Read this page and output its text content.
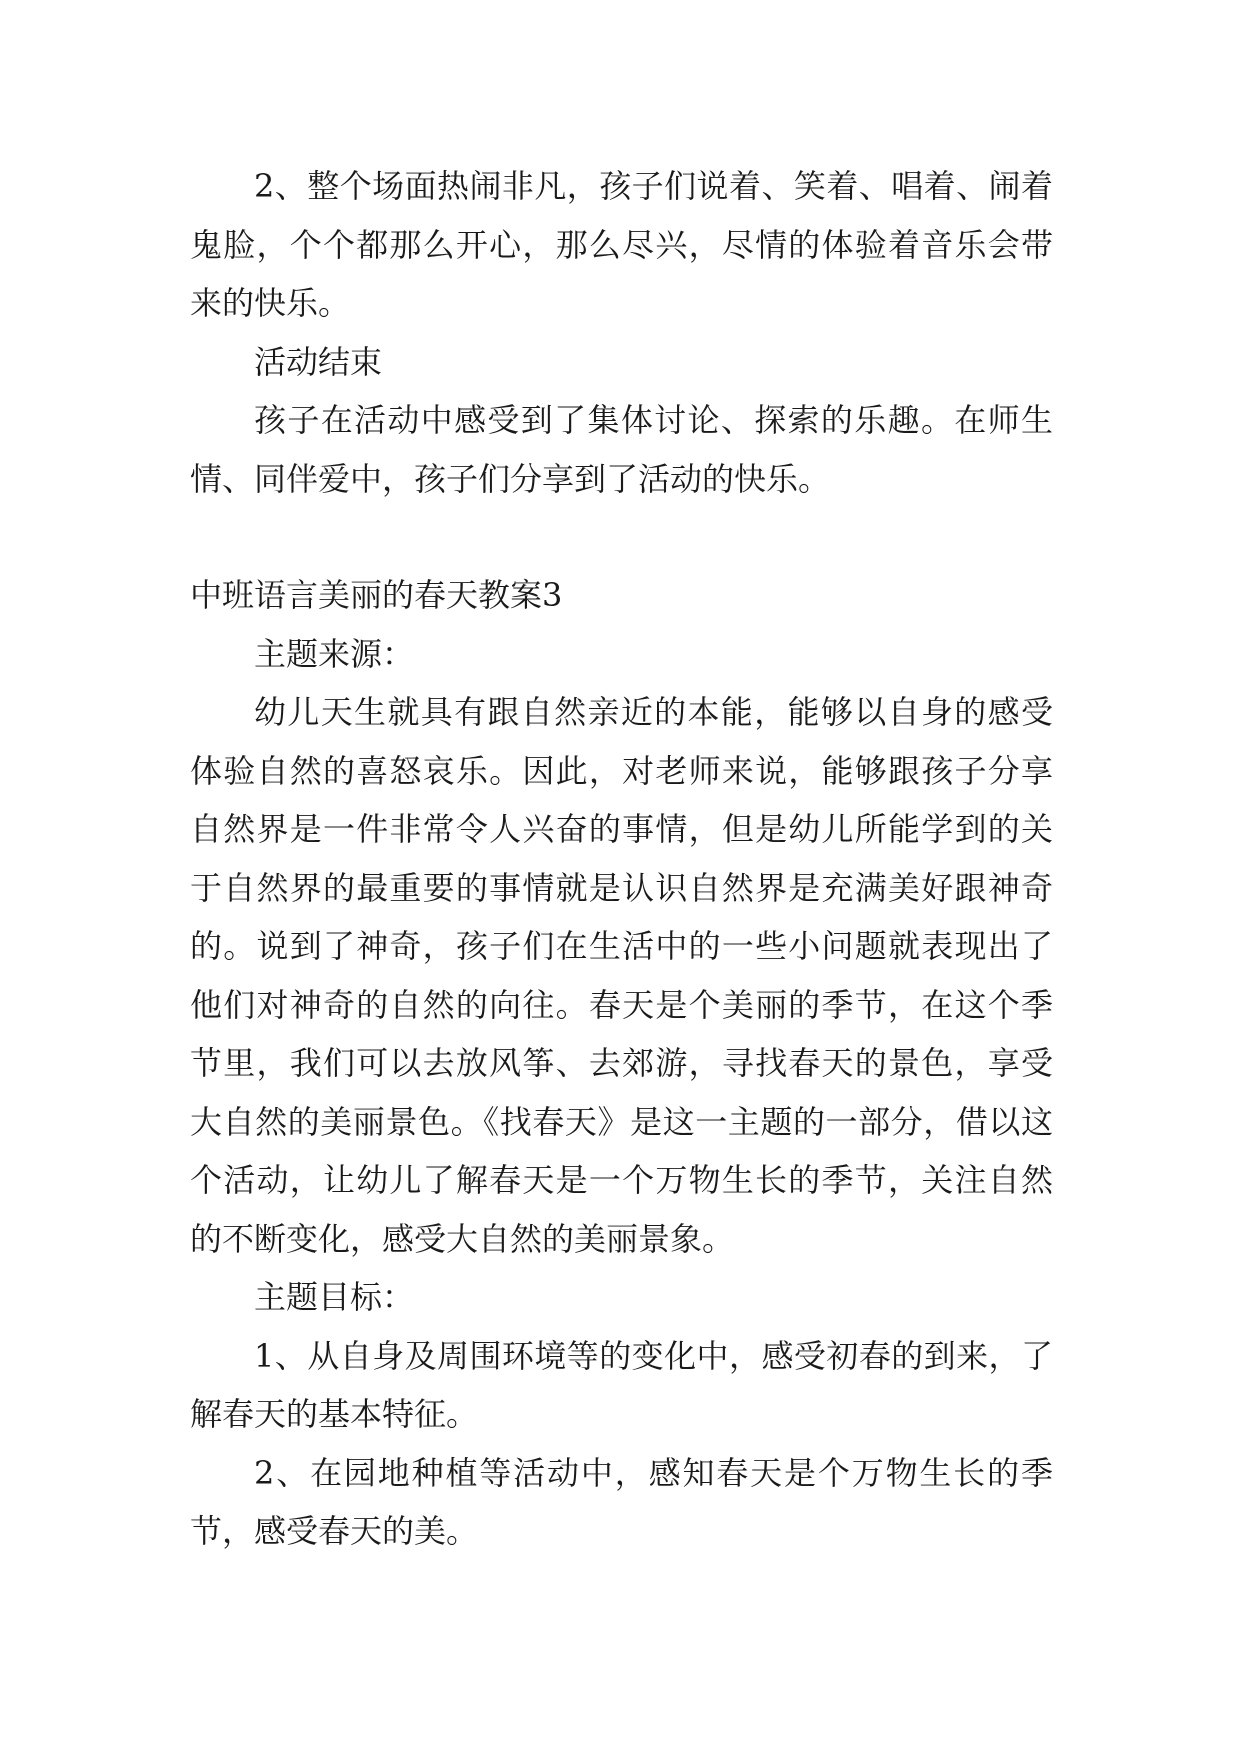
2、整个场面热闹非凡，孩子们说着、笑着、唱着、闹着鬼脸，个个都那么开心，那么尽兴，尽情的体验着音乐会带来的快乐。

活动结束

孩子在活动中感受到了集体讨论、探索的乐趣。在师生情、同伴爱中，孩子们分享到了活动的快乐。

中班语言美丽的春天教案3

主题来源：

幼儿天生就具有跟自然亲近的本能，能够以自身的感受体验自然的喜怒哀乐。因此，对老师来说，能够跟孩子分享自然界是一件非常令人兴奋的事情，但是幼儿所能学到的关于自然界的最重要的事情就是认识自然界是充满美好跟神奇的。说到了神奇，孩子们在生活中的一些小问题就表现出了他们对神奇的自然的向往。春天是个美丽的季节，在这个季节里，我们可以去放风筝、去郊游，寻找春天的景色，享受大自然的美丽景色。《找春天》是这一主题的一部分，借以这个活动，让幼儿了解春天是一个万物生长的季节，关注自然的不断变化，感受大自然的美丽景象。

主题目标：

1、从自身及周围环境等的变化中，感受初春的到来，了解春天的基本特征。

2、在园地种植等活动中，感知春天是个万物生长的季节，感受春天的美。
